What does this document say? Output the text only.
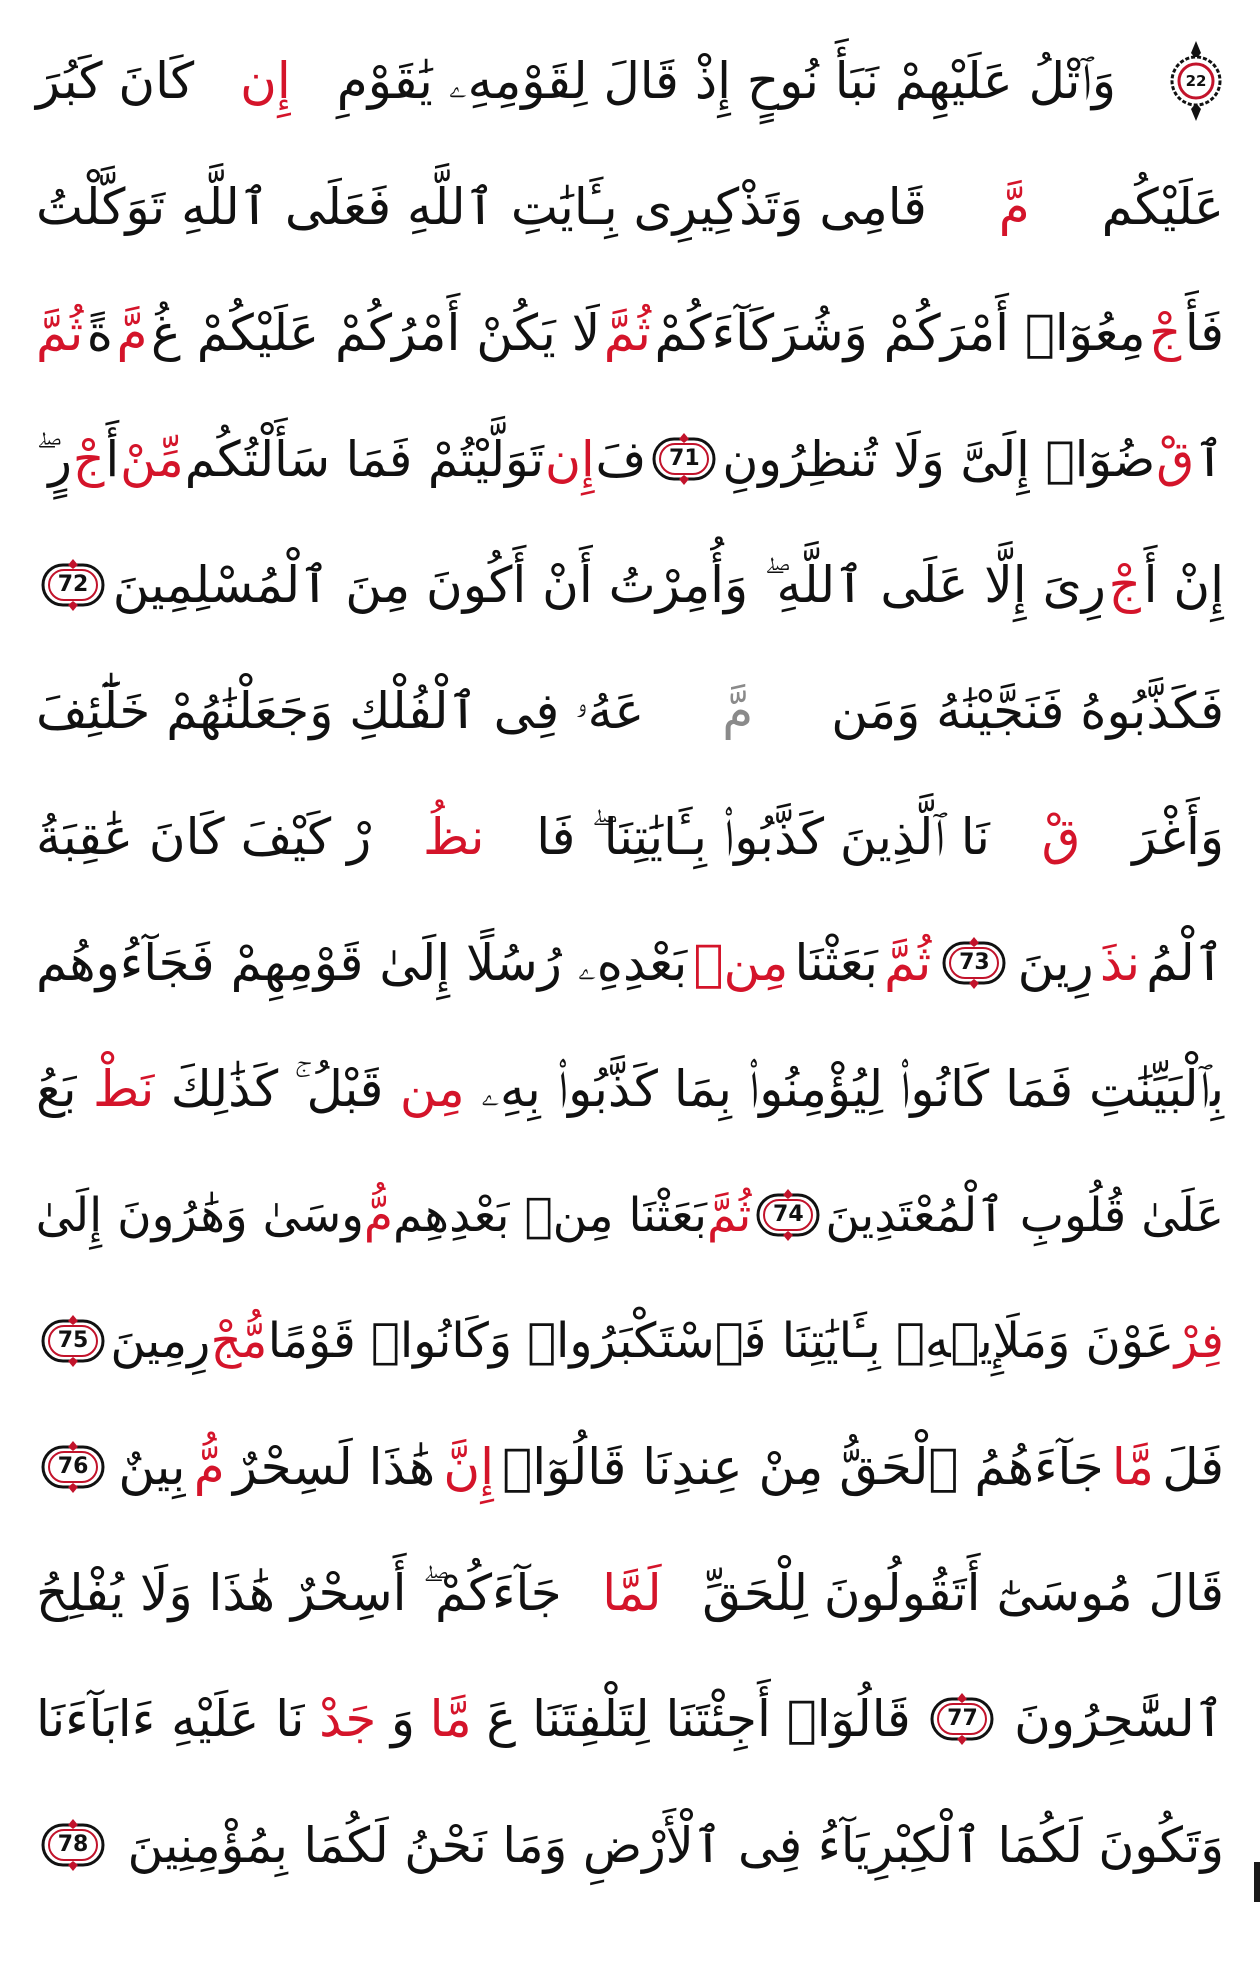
22
وَٱتْلُ عَلَيْهِمْ نَبَأَ نُوحٍ إِذْ قَالَ لِقَوْمِهِۦ يَٰقَوْمِ
إِن
كَانَ كَبُرَ
عَلَيْكُم
مَّ
قَامِى وَتَذْكِيرِى بِـَٔايَٰتِ ٱللَّهِ فَعَلَى ٱللَّهِ تَوَكَّلْتُ
فَأَ
جْ
مِعُوٓا۟ أَمْرَكُمْ وَشُرَكَآءَكُمْ
ثُمَّ
لَا يَكُنْ أَمْرُكُمْ عَلَيْكُمْ غُ
مَّ
ةً
ثُمَّ
ٱ
قْ
ضُوٓا۟ إِلَىَّ وَلَا تُنظِرُونِ
71
فَ
إِن
تَوَلَّيْتُمْ فَمَا سَأَلْتُكُم
مِّنْ
أَ
جْ
رٍ ۖ
إِنْ أَ
جْ
رِىَ إِلَّا عَلَى ٱللَّهِ ۖ وَأُمِرْتُ أَنْ أَكُونَ مِنَ ٱلْمُسْلِمِينَ
72
فَكَذَّبُوهُ فَنَجَّيْنَٰهُ وَمَن
مَّ
عَهُۥ فِى ٱلْفُلْكِ وَجَعَلْنَٰهُمْ خَلَٰٓئِفَ
وَأَغْرَ
قْ
نَا ٱلَّذِينَ كَذَّبُوا۟ بِـَٔايَٰتِنَا ۖ فَا
نظُ
رْ كَيْفَ كَانَ عَٰقِبَةُ
ٱلْمُ
نذَ
رِينَ
73
ثُمَّ
بَعَثْنَا
مِنۢ
بَعْدِهِۦ رُسُلًا إِلَىٰ قَوْمِهِمْ فَجَآءُوهُم
بِٱلْبَيِّنَٰتِ فَمَا كَانُوا۟ لِيُؤْمِنُوا۟ بِمَا كَذَّبُوا۟ بِهِۦ
مِن
قَبْلُ ۚ كَذَٰلِكَ
نَطْ
بَعُ
عَلَىٰ قُلُوبِ ٱلْمُعْتَدِينَ
74
ثُمَّ
بَعَثْنَا مِنۢ بَعْدِهِم
مُّ
وسَىٰ وَهَٰرُونَ إِلَىٰ
فِرْ
عَوْنَ وَمَلَإِي۟هِۦ بِـَٔايَٰتِنَا فَٱسْتَكْبَرُوا۟ وَكَانُوا۟ قَوْمًا
مُّجْ
رِمِينَ
75
فَلَ
مَّا
جَآءَهُمُ ٱلْحَقُّ مِنْ عِندِنَا قَالُوٓا۟
إِنَّ
هَٰذَا لَسِحْرٌ
مُّ
بِينٌ
76
قَالَ مُوسَىٰٓ أَتَقُولُونَ لِلْحَقِّ
لَمَّا
جَآءَكُمْ ۖ أَسِحْرٌ هَٰذَا وَلَا يُفْلِحُ
ٱلسَّٰحِرُونَ
77
قَالُوٓا۟ أَجِئْتَنَا لِتَلْفِتَنَا عَ
مَّا
وَ
جَدْ
نَا عَلَيْهِ ءَابَآءَنَا
وَتَكُونَ لَكُمَا ٱلْكِبْرِيَآءُ فِى ٱلْأَرْضِ وَمَا نَحْنُ لَكُمَا بِمُؤْمِنِينَ
78
